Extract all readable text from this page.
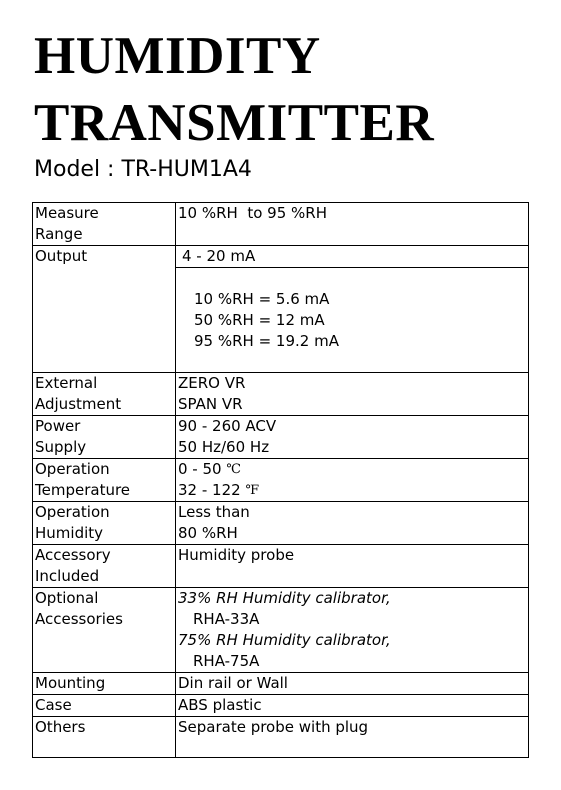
HUMIDITY
TRANSMITTER
Model : TR-HUM1A4
Measure
Range	10 %RH  to 95 %RH

Output	4 - 20 mA

	10 %RH = 5.6 mA
50 %RH = 12 mA
95 %RH = 19.2 mA

External
Adjustment	ZERO VR
SPAN VR

Power
Supply	90 - 260 ACV
50 Hz/60 Hz

Operation
Temperature	0 - 50 ℃
32 - 122 ℉

Operation
Humidity	Less than
80 %RH

Accessory
Included	Humidity probe

Optional
Accessories	33% RH Humidity calibrator,
RHA-33A
75% RH Humidity calibrator,
RHA-75A

Mounting	Din rail or Wall

Case	ABS plastic

Others	Separate probe with plug
